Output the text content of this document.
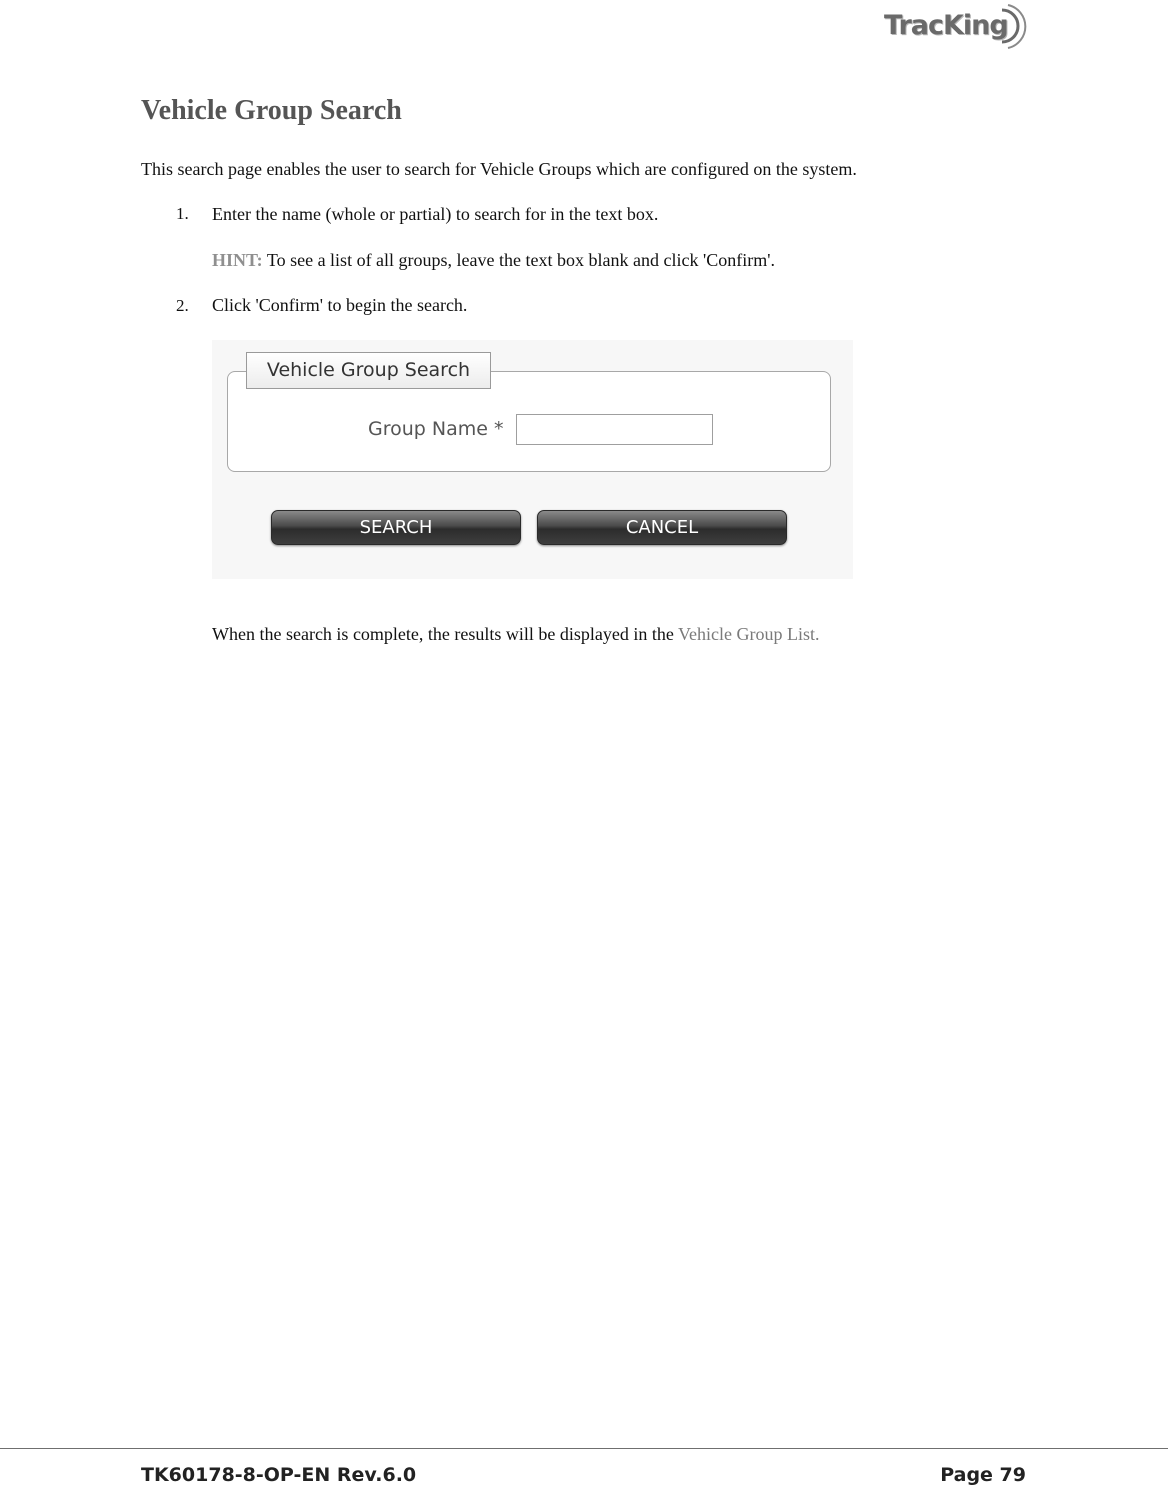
TracKing
Vehicle Group Search

This search page enables the user to search for Vehicle Groups which are configured on the system.

1. Enter the name (whole or partial) to search for in the text box.

HINT: To see a list of all groups, leave the text box blank and click 'Confirm'.

2. Click 'Confirm' to begin the search.

Vehicle Group Search
Group Name *
SEARCH	CANCEL

When the search is complete, the results will be displayed in the Vehicle Group List.

TK60178-8-OP-EN Rev.6.0	Page 79
